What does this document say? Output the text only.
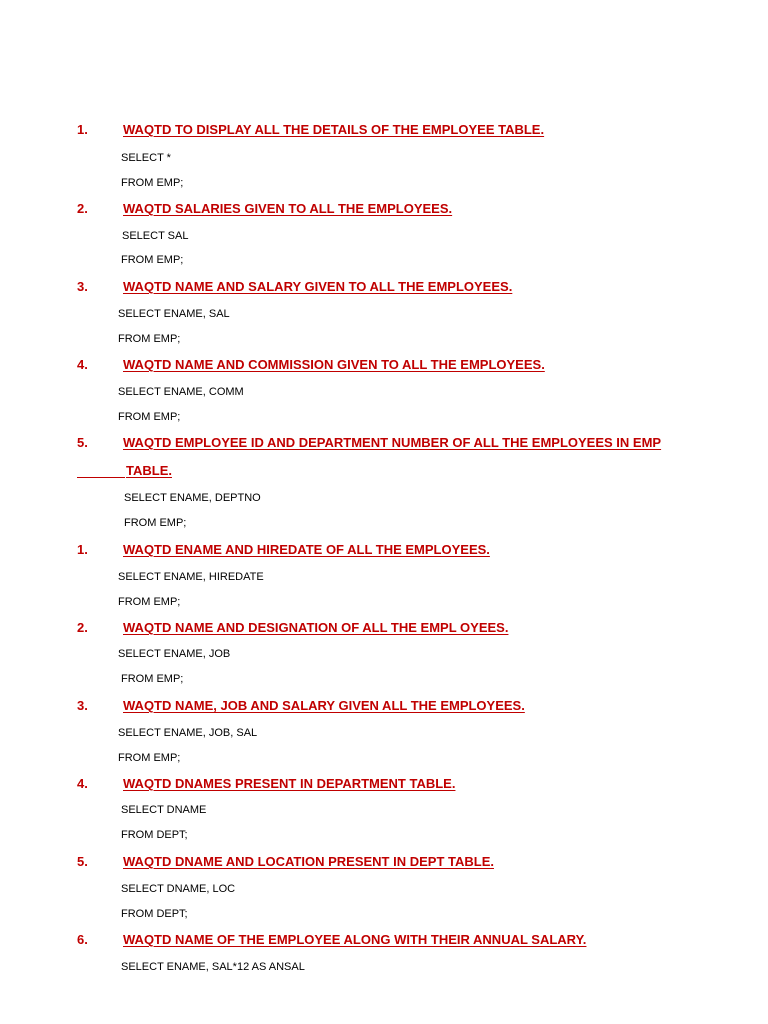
1.	WAQTD TO DISPLAY ALL THE DETAILS OF THE EMPLOYEE TABLE.
SELECT *
FROM EMP;
2.	WAQTD SALARIES GIVEN TO ALL THE EMPLOYEES.
SELECT SAL
FROM EMP;
3.	WAQTD NAME AND SALARY GIVEN TO ALL THE EMPLOYEES.
SELECT ENAME, SAL
FROM EMP;
4.	WAQTD NAME AND COMMISSION GIVEN TO ALL THE EMPLOYEES.
SELECT ENAME, COMM
FROM EMP;
5.	WAQTD EMPLOYEE ID AND DEPARTMENT NUMBER OF ALL THE EMPLOYEES IN EMP
TABLE.
SELECT ENAME, DEPTNO
FROM EMP;
1.	WAQTD ENAME AND HIREDATE OF ALL THE EMPLOYEES.
SELECT ENAME, HIREDATE
FROM EMP;
2.	WAQTD NAME AND DESIGNATION OF ALL THE EMPL OYEES.
SELECT ENAME, JOB
FROM EMP;
3.	WAQTD NAME, JOB AND SALARY GIVEN ALL THE EMPLOYEES.
SELECT ENAME, JOB, SAL
FROM EMP;
4.	WAQTD DNAMES PRESENT IN DEPARTMENT TABLE.
SELECT DNAME
FROM DEPT;
5.	WAQTD DNAME AND LOCATION PRESENT IN DEPT TABLE.
SELECT DNAME, LOC
FROM DEPT;
6.	WAQTD NAME OF THE EMPLOYEE ALONG WITH THEIR ANNUAL SALARY.
SELECT ENAME, SAL*12 AS ANSAL
